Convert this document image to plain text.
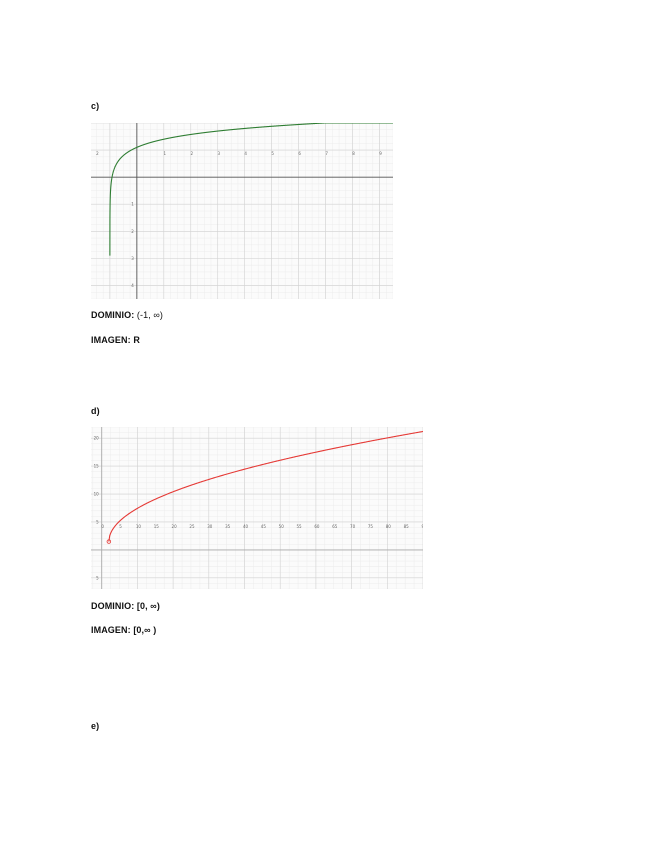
c)
2	1	2	3	4	5	6	7	8	9
1
2
3
4
DOMINIO: (-1, ∞)
IMAGEN: R
d)
0	5	10	15	20	25	30	35	40	45	50	55	60	65	70	75	80	85
20
15
10
5
5
DOMINIO: [0, ∞)
IMAGEN: [0,∞ )
e)
